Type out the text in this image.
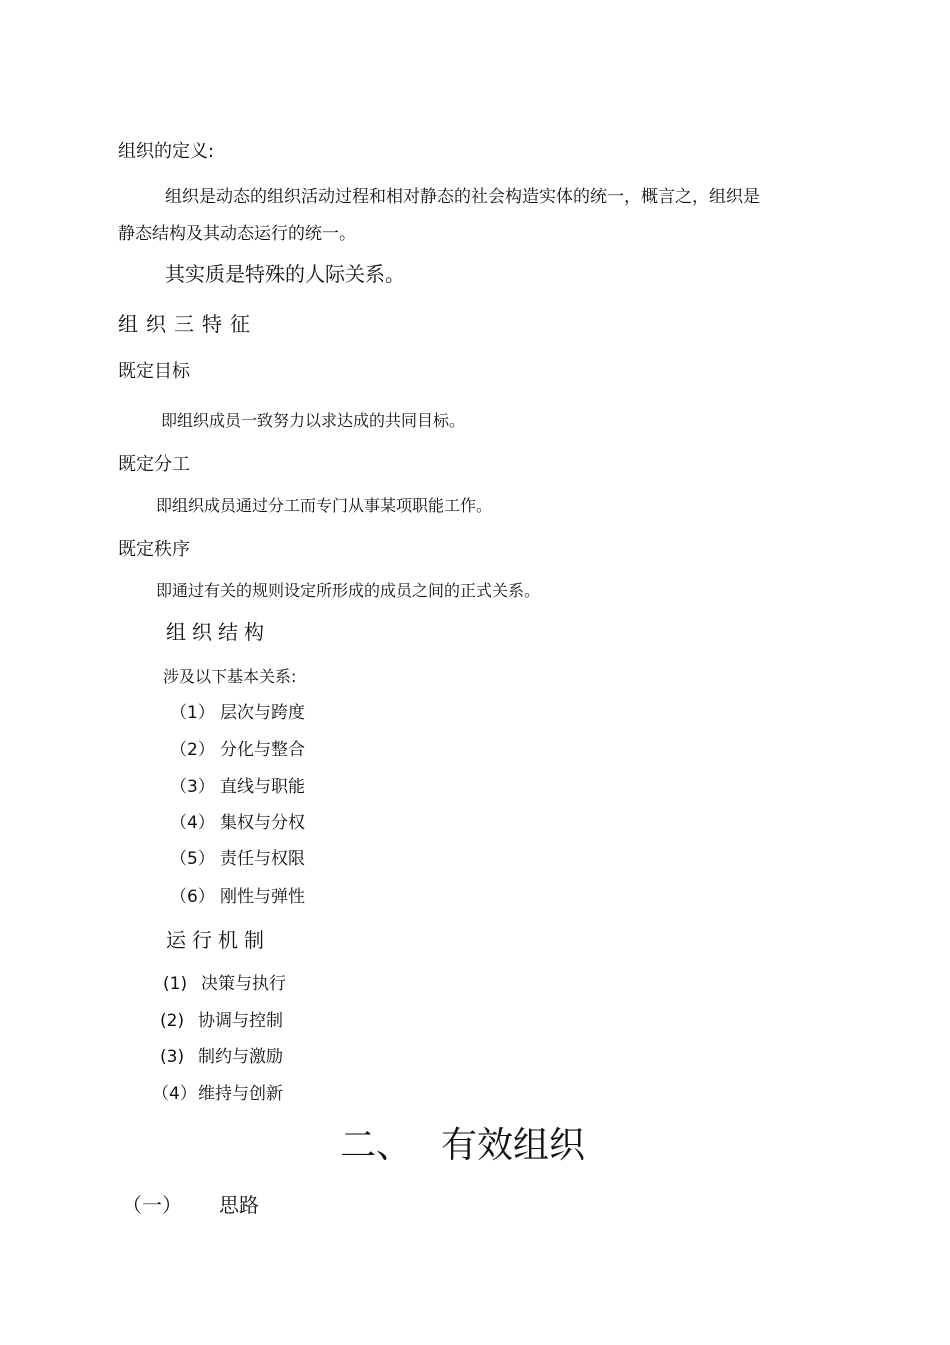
组织的定义:
组织是动态的组织活动过程和相对静态的社会构造实体的统一，概言之，组织是
静态结构及其动态运行的统一。
其实质是特殊的人际关系。
组织三特征
既定目标
即组织成员一致努力以求达成的共同目标。
既定分工
即组织成员通过分工而专门从事某项职能工作。
既定秩序
即通过有关的规则设定所形成的成员之间的正式关系。
组织结构
涉及以下基本关系:
（1） 层次与跨度
（2） 分化与整合
（3） 直线与职能
（4） 集权与分权
（5） 责任与权限
（6） 刚性与弹性
运行机制
(1) 决策与执行
(2) 协调与控制
(3) 制约与激励
（4）维持与创新
二、 有效组织
（一） 思路
